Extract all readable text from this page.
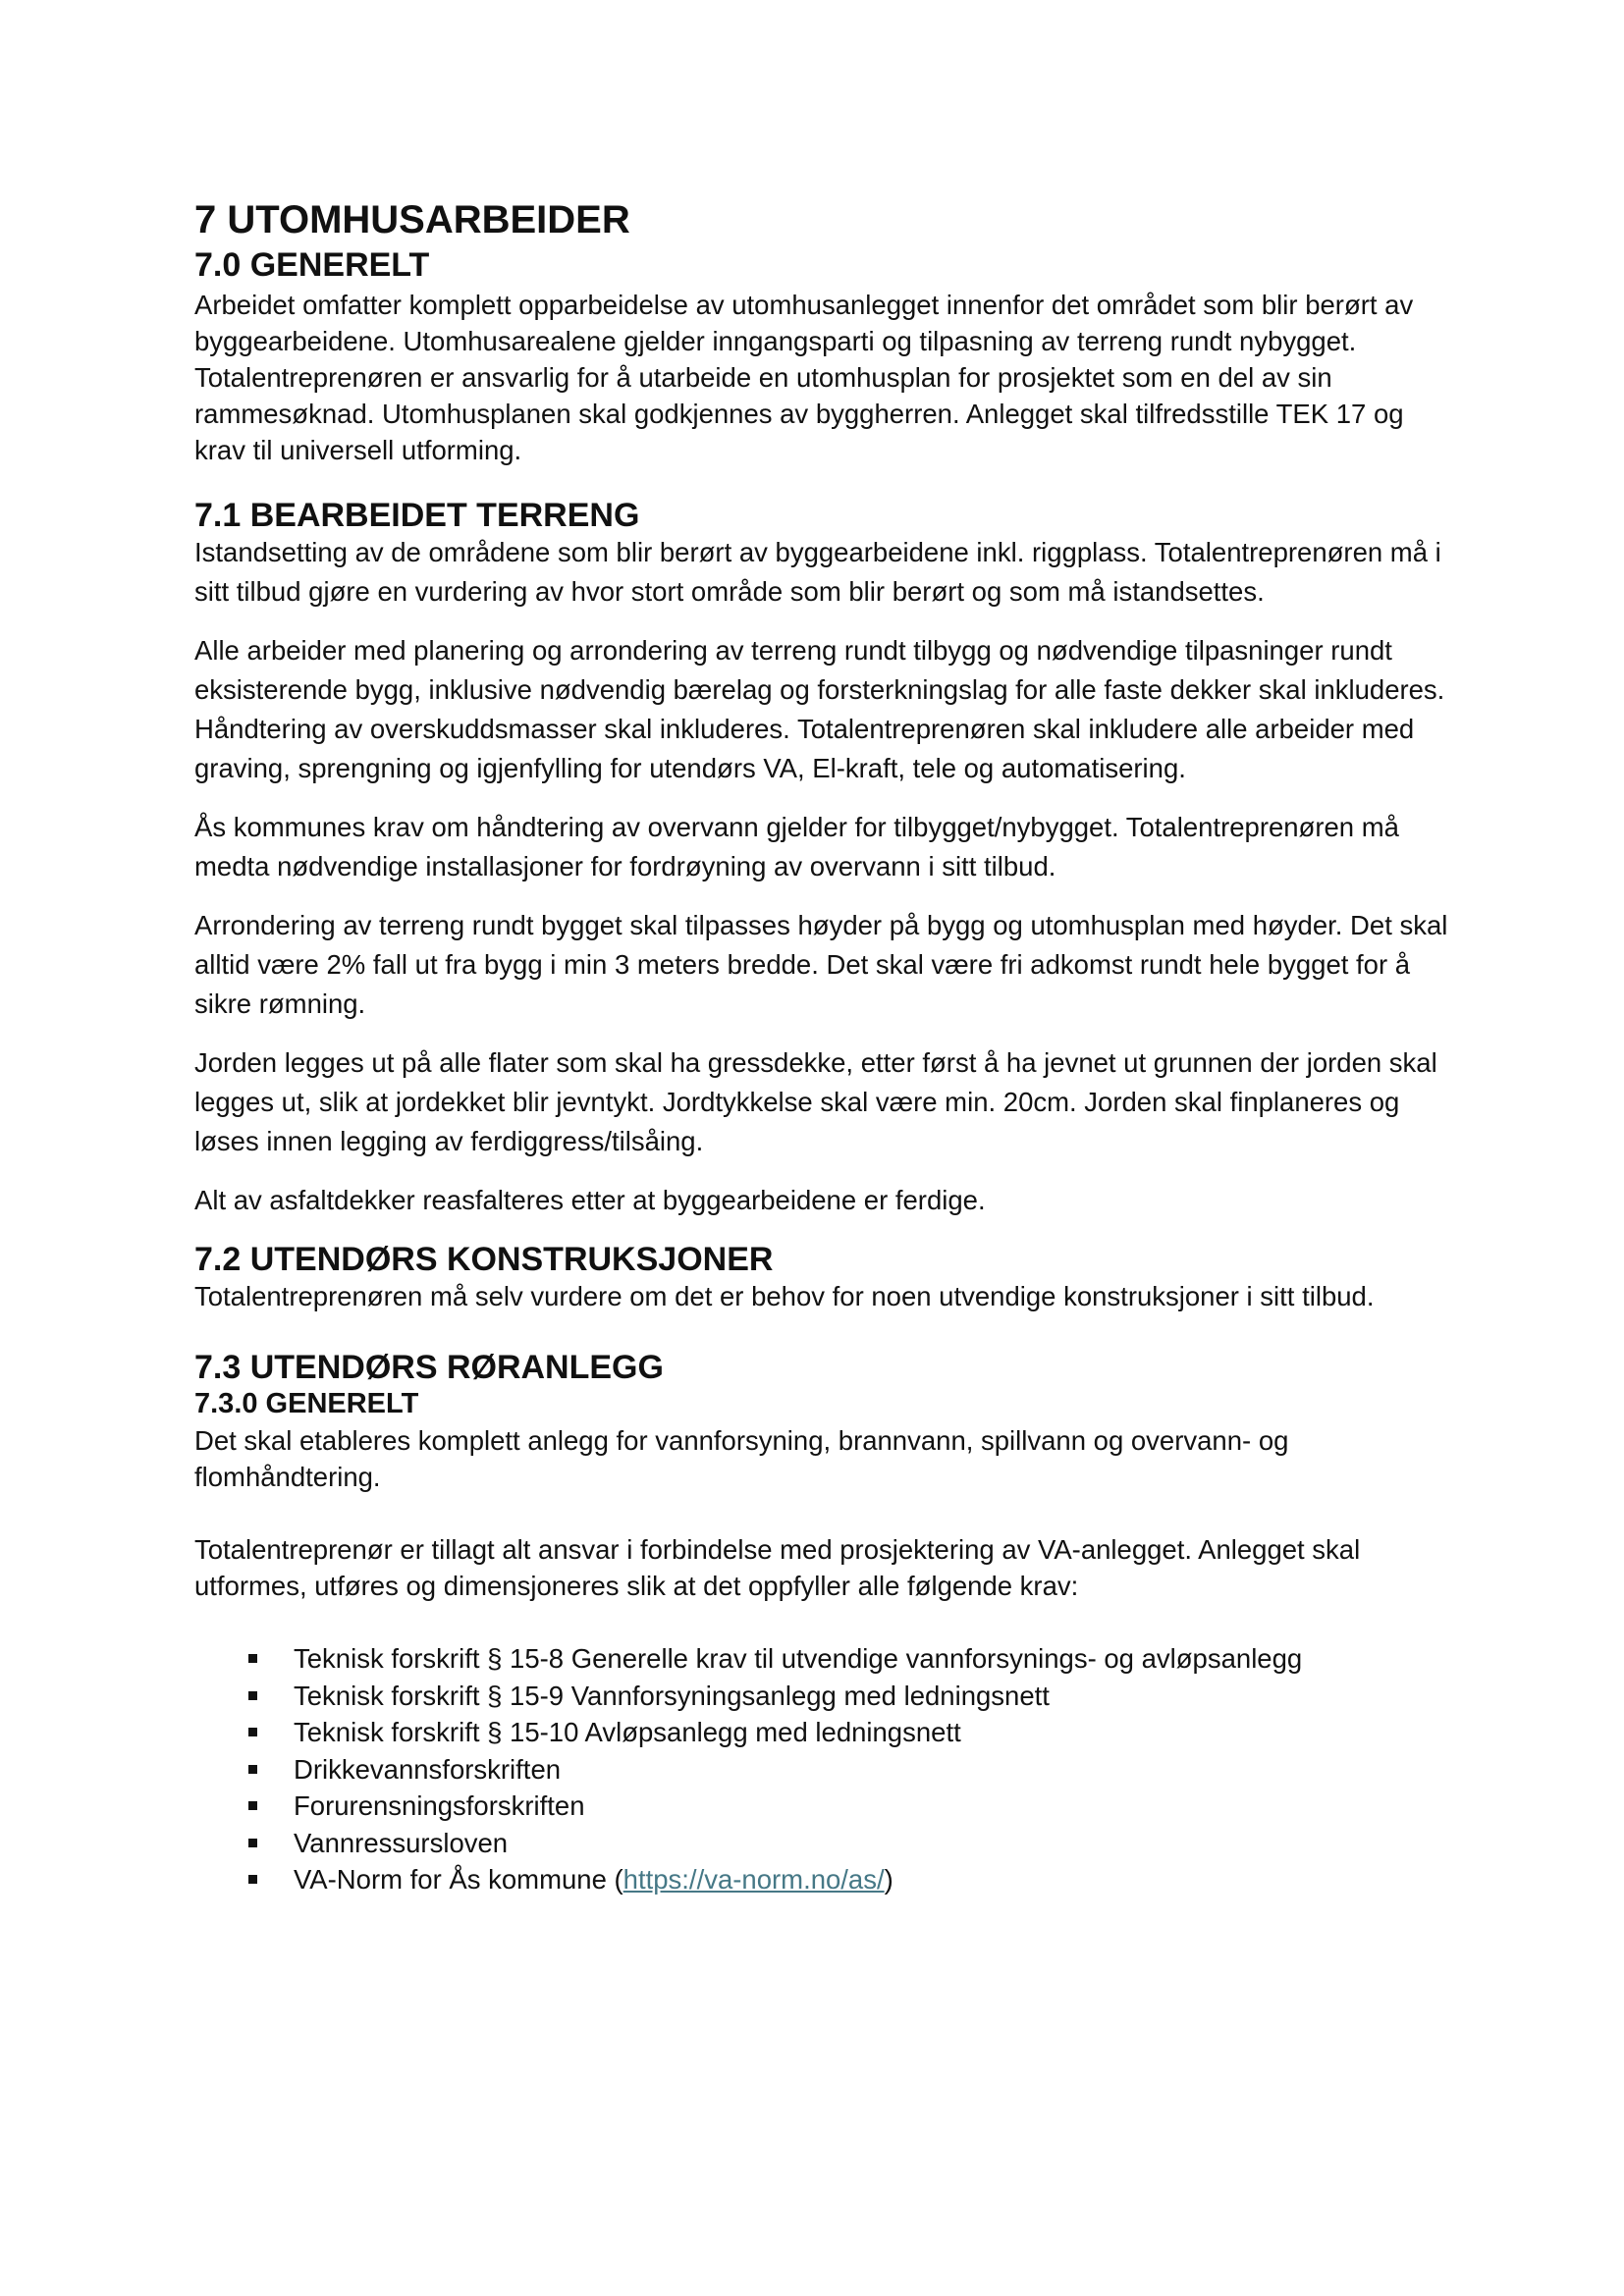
7 UTOMHUSARBEIDER
7.0 GENERELT

Arbeidet omfatter komplett opparbeidelse av utomhusanlegget innenfor det området som blir berørt av byggearbeidene. Utomhusarealene gjelder inngangsparti og tilpasning av terreng rundt nybygget. Totalentreprenøren er ansvarlig for å utarbeide en utomhusplan for prosjektet som en del av sin rammesøknad. Utomhusplanen skal godkjennes av byggherren. Anlegget skal tilfredsstille TEK 17 og krav til universell utforming.

7.1 BEARBEIDET TERRENG

Istandsetting av de områdene som blir berørt av byggearbeidene inkl. riggplass. Totalentreprenøren må i sitt tilbud gjøre en vurdering av hvor stort område som blir berørt og som må istandsettes.

Alle arbeider med planering og arrondering av terreng rundt tilbygg og nødvendige tilpasninger rundt eksisterende bygg, inklusive nødvendig bærelag og forsterkningslag for alle faste dekker skal inkluderes. Håndtering av overskuddsmasser skal inkluderes. Totalentreprenøren skal inkludere alle arbeider med graving, sprengning og igjenfylling for utendørs VA, El-kraft, tele og automatisering.

Ås kommunes krav om håndtering av overvann gjelder for tilbygget/nybygget. Totalentreprenøren må medta nødvendige installasjoner for fordrøyning av overvann i sitt tilbud.

Arrondering av terreng rundt bygget skal tilpasses høyder på bygg og utomhusplan med høyder. Det skal alltid være 2% fall ut fra bygg i min 3 meters bredde. Det skal være fri adkomst rundt hele bygget for å sikre rømning.

Jorden legges ut på alle flater som skal ha gressdekke, etter først å ha jevnet ut grunnen der jorden skal legges ut, slik at jordekket blir jevntykt. Jordtykkelse skal være min. 20cm. Jorden skal finplaneres og løses innen legging av ferdiggress/tilsåing.

Alt av asfaltdekker reasfalteres etter at byggearbeidene er ferdige.

7.2 UTENDØRS KONSTRUKSJONER

Totalentreprenøren må selv vurdere om det er behov for noen utvendige konstruksjoner i sitt tilbud.

7.3 UTENDØRS RØRANLEGG
7.3.0 GENERELT

Det skal etableres komplett anlegg for vannforsyning, brannvann, spillvann og overvann- og flomhåndtering.

Totalentreprenør er tillagt alt ansvar i forbindelse med prosjektering av VA-anlegget. Anlegget skal utformes, utføres og dimensjoneres slik at det oppfyller alle følgende krav:

Teknisk forskrift § 15-8 Generelle krav til utvendige vannforsynings- og avløpsanlegg
Teknisk forskrift § 15-9 Vannforsyningsanlegg med ledningsnett
Teknisk forskrift § 15-10 Avløpsanlegg med ledningsnett
Drikkevannsforskriften
Forurensningsforskriften
Vannressursloven
VA-Norm for Ås kommune (https://va-norm.no/as/)
